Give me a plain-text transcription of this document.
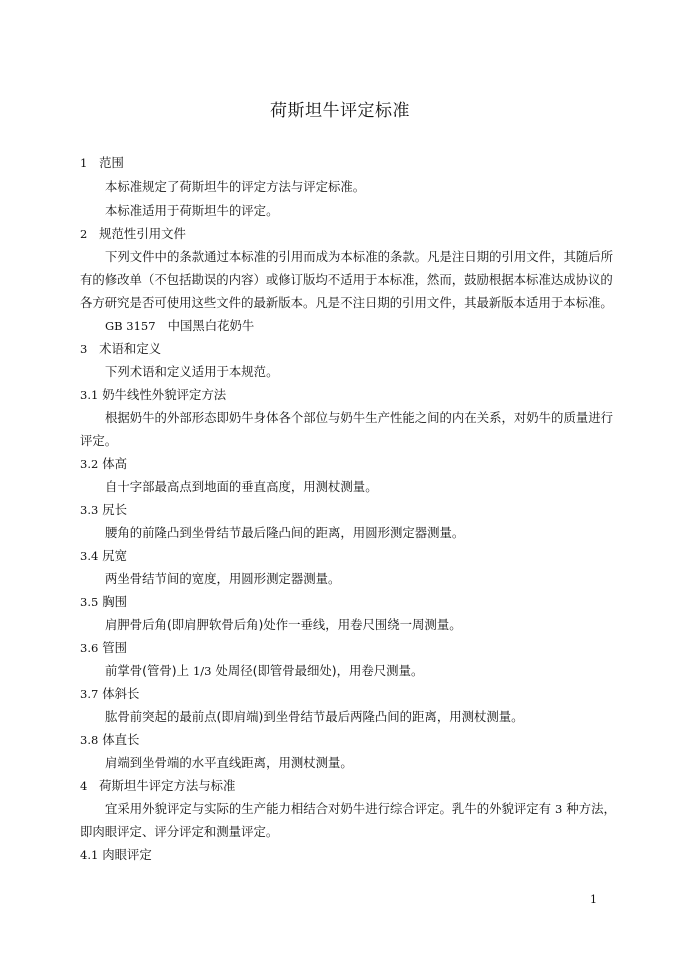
荷斯坦牛评定标准
1 范围
本标准规定了荷斯坦牛的评定方法与评定标准。
本标准适用于荷斯坦牛的评定。
2 规范性引用文件
下列文件中的条款通过本标准的引用而成为本标准的条款。凡是注日期的引用文件，其随后所
有的修改单（不包括勘误的内容）或修订版均不适用于本标准，然而，鼓励根据本标准达成协议的
各方研究是否可使用这些文件的最新版本。凡是不注日期的引用文件，其最新版本适用于本标准。
GB 3157 中国黑白花奶牛
3 术语和定义
下列术语和定义适用于本规范。
3.1 奶牛线性外貌评定方法
根据奶牛的外部形态即奶牛身体各个部位与奶牛生产性能之间的内在关系，对奶牛的质量进行
评定。
3.2 体高
自十字部最高点到地面的垂直高度，用测杖测量。
3.3 尻长
腰角的前隆凸到坐骨结节最后隆凸间的距离，用圆形测定器测量。
3.4 尻宽
两坐骨结节间的宽度，用圆形测定器测量。
3.5 胸围
肩胛骨后角(即肩胛软骨后角)处作一垂线，用卷尺围绕一周测量。
3.6 管围
前掌骨(管骨)上 1/3 处周径(即管骨最细处)，用卷尺测量。
3.7 体斜长
肱骨前突起的最前点(即肩端)到坐骨结节最后两隆凸间的距离，用测杖测量。
3.8 体直长
肩端到坐骨端的水平直线距离，用测杖测量。
4 荷斯坦牛评定方法与标准
宜采用外貌评定与实际的生产能力相结合对奶牛进行综合评定。乳牛的外貌评定有 3 种方法，
即肉眼评定、评分评定和测量评定。
4.1 肉眼评定
1
